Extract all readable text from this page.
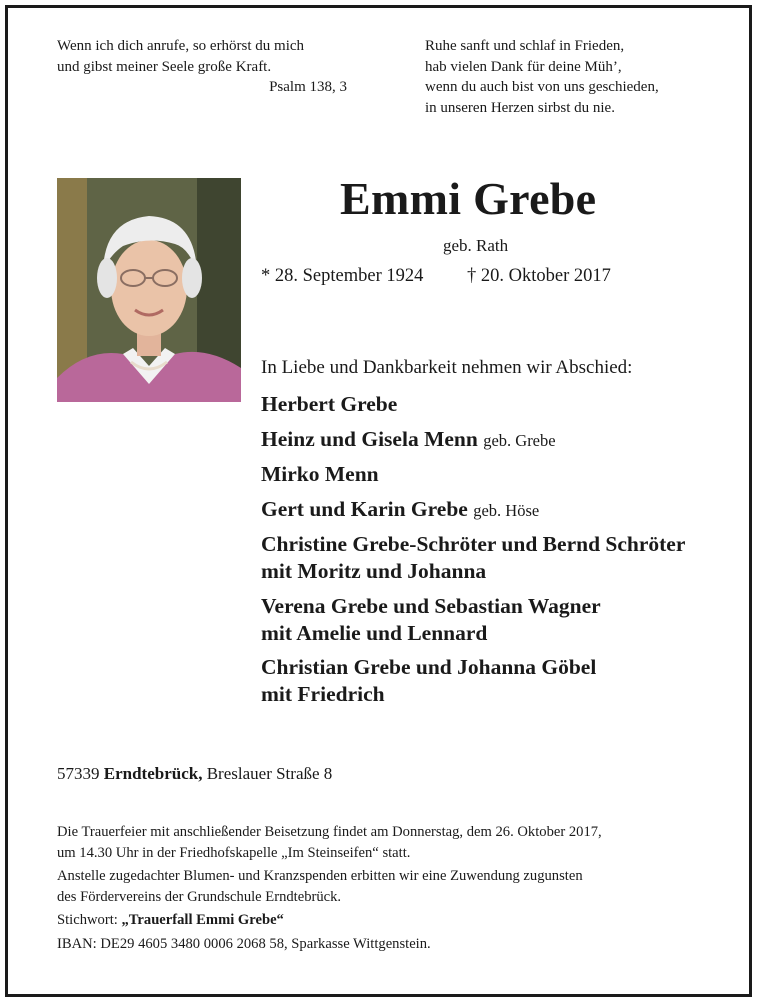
Wenn ich dich anrufe, so erhörst du mich
und gibst meiner Seele große Kraft.
Psalm 138, 3
Ruhe sanft und schlaf in Frieden,
hab vielen Dank für deine Müh’,
wenn du auch bist von uns geschieden,
in unseren Herzen sirbst du nie.
Emmi Grebe
geb. Rath
* 28. September 1924 † 20. Oktober 2017
In Liebe und Dankbarkeit nehmen wir Abschied:
Herbert Grebe
Heinz und Gisela Menn geb. Grebe
Mirko Menn
Gert und Karin Grebe geb. Höse
Christine Grebe-Schröter und Bernd Schröter
mit Moritz und Johanna
Verena Grebe und Sebastian Wagner
mit Amelie und Lennard
Christian Grebe und Johanna Göbel
mit Friedrich
57339 Erndtebrück, Breslauer Straße 8

Die Trauerfeier mit anschließender Beisetzung findet am Donnerstag, dem 26. Oktober 2017,
um 14.30 Uhr in der Friedhofskapelle „Im Steinseifen“ statt.

Anstelle zugedachter Blumen- und Kranzspenden erbitten wir eine Zuwendung zugunsten
des Fördervereins der Grundschule Erndtebrück.

Stichwort: „Trauerfall Emmi Grebe“

IBAN: DE29 4605 3480 0006 2068 58, Sparkasse Wittgenstein.
